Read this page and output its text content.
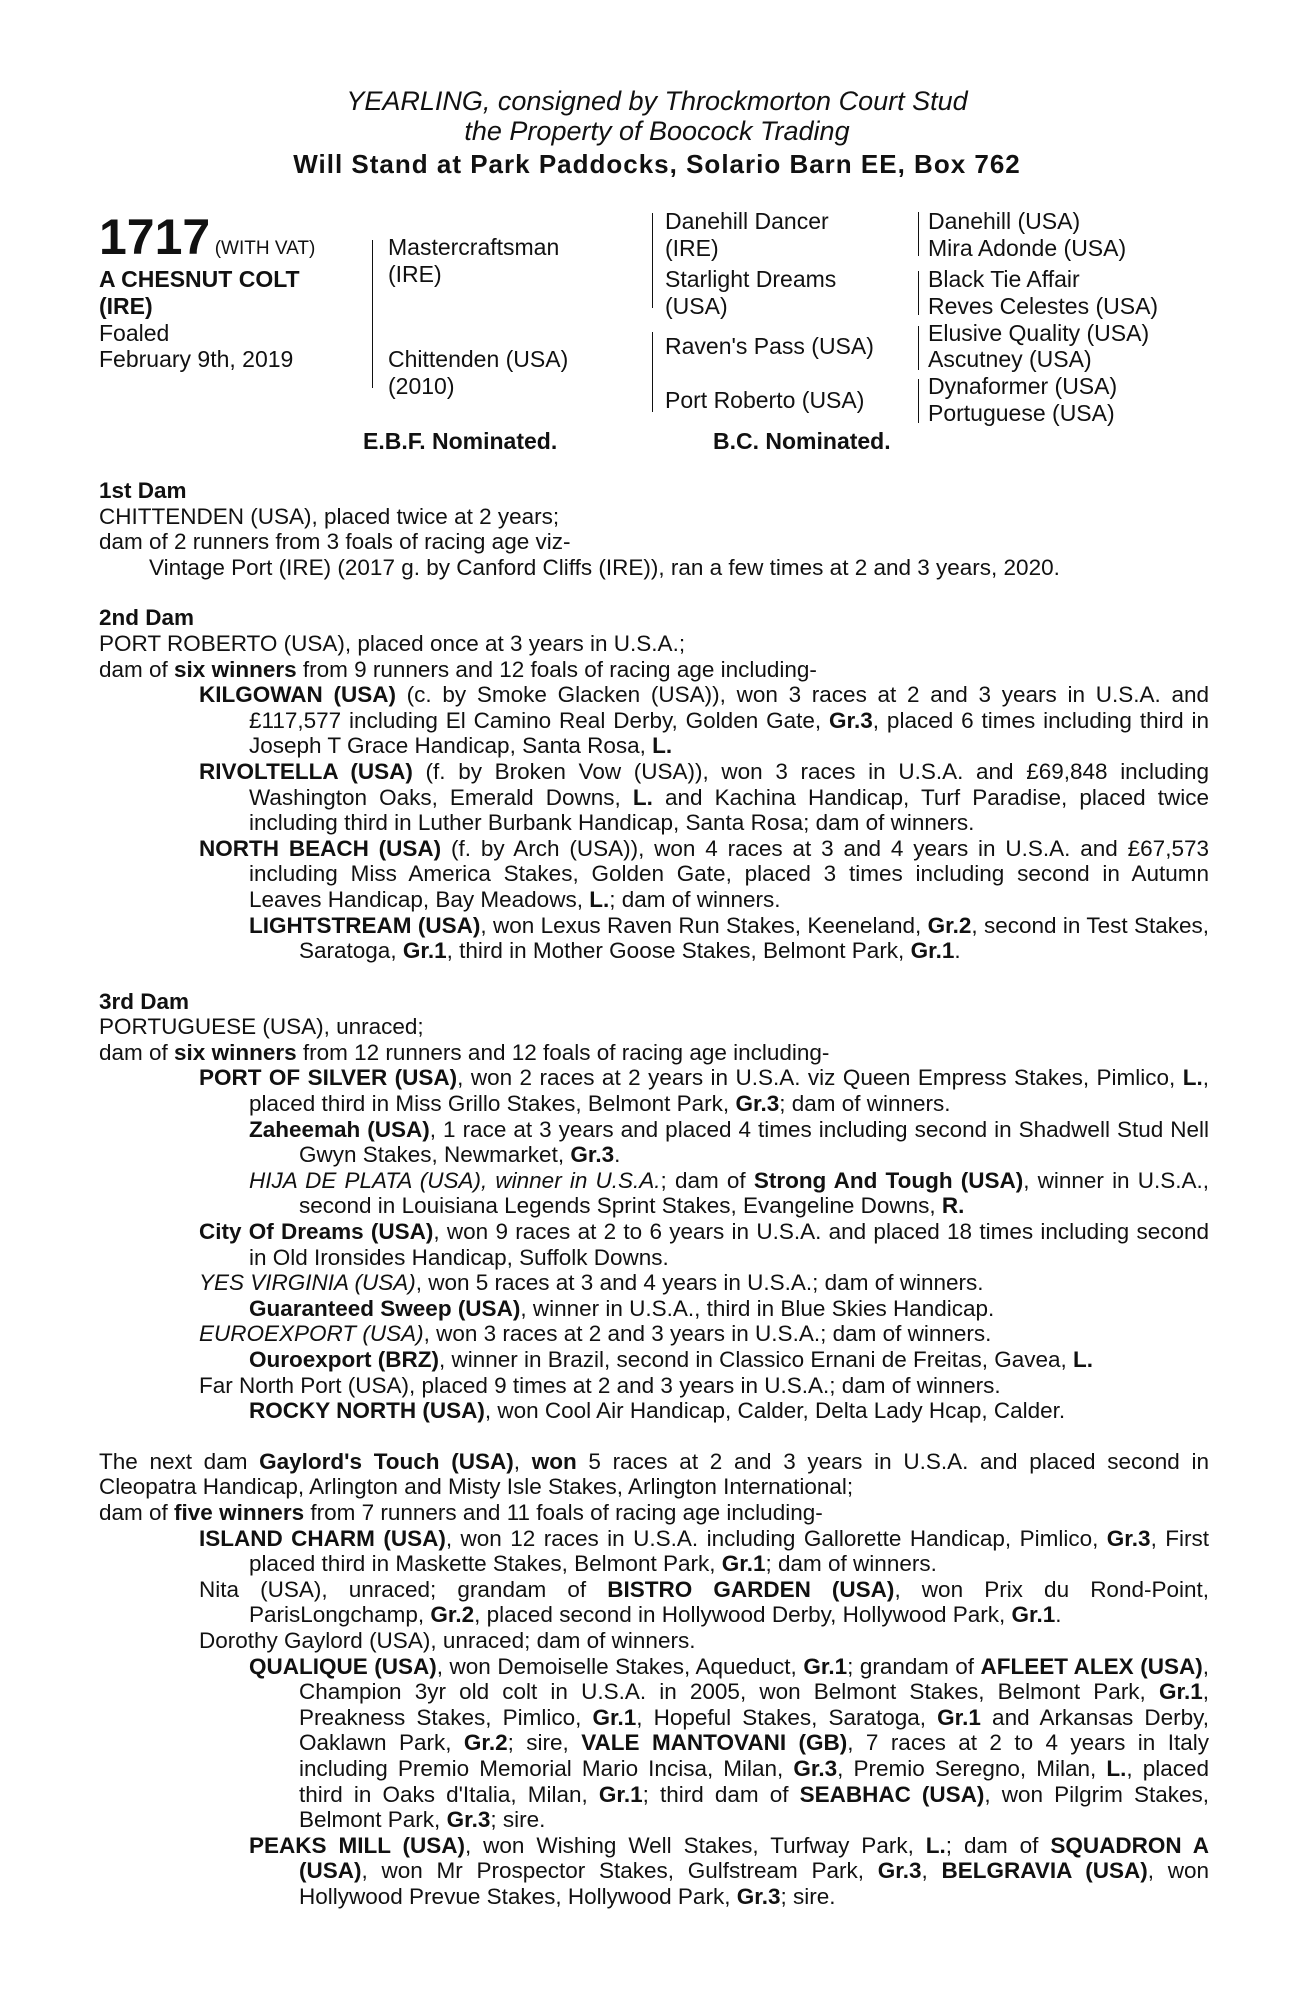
YEARLING, consigned by Throckmorton Court Stud
the Property of Boocock Trading
Will Stand at Park Paddocks, Solario Barn EE, Box 762
1717 (WITH VAT)
A CHESNUT COLT
(IRE)
Foaled
February 9th, 2019
Mastercraftsman
(IRE)
Chittenden (USA)
(2010)
Danehill Dancer
(IRE)
Starlight Dreams
(USA)
Raven's Pass (USA)
Port Roberto (USA)
Danehill (USA)
Mira Adonde (USA)
Black Tie Affair
Reves Celestes (USA)
Elusive Quality (USA)
Ascutney (USA)
Dynaformer (USA)
Portuguese (USA)
E.B.F. Nominated.	B.C. Nominated.

1st Dam

CHITTENDEN (USA), placed twice at 2 years;

dam of 2 runners from 3 foals of racing age viz-

Vintage Port (IRE) (2017 g. by Canford Cliffs (IRE)), ran a few times at 2 and 3 years, 2020.

2nd Dam

PORT ROBERTO (USA), placed once at 3 years in U.S.A.;

dam of six winners from 9 runners and 12 foals of racing age including-

KILGOWAN (USA) (c. by Smoke Glacken (USA)), won 3 races at 2 and 3 years in U.S.A. and £117,577 including El Camino Real Derby, Golden Gate, Gr.3, placed 6 times including third in Joseph T Grace Handicap, Santa Rosa, L.

RIVOLTELLA (USA) (f. by Broken Vow (USA)), won 3 races in U.S.A. and £69,848 including Washington Oaks, Emerald Downs, L. and Kachina Handicap, Turf Paradise, placed twice including third in Luther Burbank Handicap, Santa Rosa; dam of winners.

NORTH BEACH (USA) (f. by Arch (USA)), won 4 races at 3 and 4 years in U.S.A. and £67,573 including Miss America Stakes, Golden Gate, placed 3 times including second in Autumn Leaves Handicap, Bay Meadows, L.; dam of winners.

LIGHTSTREAM (USA), won Lexus Raven Run Stakes, Keeneland, Gr.2, second in Test Stakes, Saratoga, Gr.1, third in Mother Goose Stakes, Belmont Park, Gr.1.

3rd Dam

PORTUGUESE (USA), unraced;

dam of six winners from 12 runners and 12 foals of racing age including-

PORT OF SILVER (USA), won 2 races at 2 years in U.S.A. viz Queen Empress Stakes, Pimlico, L., placed third in Miss Grillo Stakes, Belmont Park, Gr.3; dam of winners.

Zaheemah (USA), 1 race at 3 years and placed 4 times including second in Shadwell Stud Nell Gwyn Stakes, Newmarket, Gr.3.

HIJA DE PLATA (USA), winner in U.S.A.; dam of Strong And Tough (USA), winner in U.S.A., second in Louisiana Legends Sprint Stakes, Evangeline Downs, R.

City Of Dreams (USA), won 9 races at 2 to 6 years in U.S.A. and placed 18 times including second in Old Ironsides Handicap, Suffolk Downs.

YES VIRGINIA (USA), won 5 races at 3 and 4 years in U.S.A.; dam of winners.

Guaranteed Sweep (USA), winner in U.S.A., third in Blue Skies Handicap.

EUROEXPORT (USA), won 3 races at 2 and 3 years in U.S.A.; dam of winners.

Ouroexport (BRZ), winner in Brazil, second in Classico Ernani de Freitas, Gavea, L.

Far North Port (USA), placed 9 times at 2 and 3 years in U.S.A.; dam of winners.

ROCKY NORTH (USA), won Cool Air Handicap, Calder, Delta Lady Hcap, Calder.

The next dam Gaylord's Touch (USA), won 5 races at 2 and 3 years in U.S.A. and placed second in Cleopatra Handicap, Arlington and Misty Isle Stakes, Arlington International;

dam of five winners from 7 runners and 11 foals of racing age including-

ISLAND CHARM (USA), won 12 races in U.S.A. including Gallorette Handicap, Pimlico, Gr.3, First placed third in Maskette Stakes, Belmont Park, Gr.1; dam of winners.

Nita (USA), unraced; grandam of BISTRO GARDEN (USA), won Prix du Rond-Point, ParisLongchamp, Gr.2, placed second in Hollywood Derby, Hollywood Park, Gr.1.

Dorothy Gaylord (USA), unraced; dam of winners.

QUALIQUE (USA), won Demoiselle Stakes, Aqueduct, Gr.1; grandam of AFLEET ALEX (USA), Champion 3yr old colt in U.S.A. in 2005, won Belmont Stakes, Belmont Park, Gr.1, Preakness Stakes, Pimlico, Gr.1, Hopeful Stakes, Saratoga, Gr.1 and Arkansas Derby, Oaklawn Park, Gr.2; sire, VALE MANTOVANI (GB), 7 races at 2 to 4 years in Italy including Premio Memorial Mario Incisa, Milan, Gr.3, Premio Seregno, Milan, L., placed third in Oaks d'Italia, Milan, Gr.1; third dam of SEABHAC (USA), won Pilgrim Stakes, Belmont Park, Gr.3; sire.

PEAKS MILL (USA), won Wishing Well Stakes, Turfway Park, L.; dam of SQUADRON A (USA), won Mr Prospector Stakes, Gulfstream Park, Gr.3, BELGRAVIA (USA), won Hollywood Prevue Stakes, Hollywood Park, Gr.3; sire.
